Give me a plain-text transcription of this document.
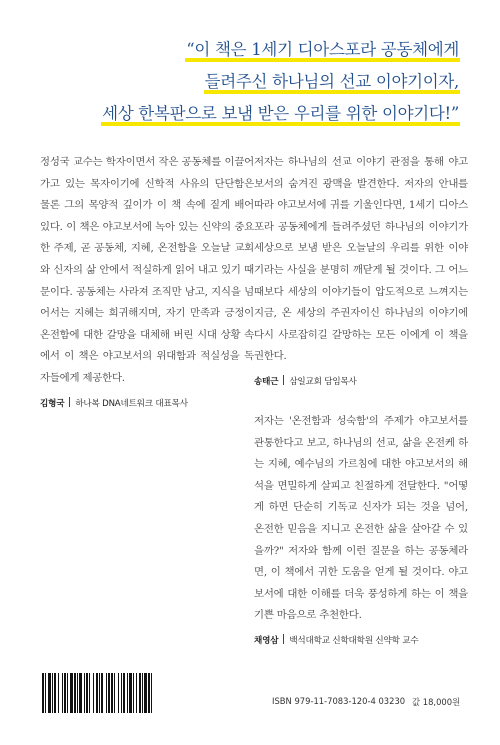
“이 책은 1세기 디아스포라 공동체에게
들려주신 하나님의 선교 이야기이자,
세상 한복판으로 보냄 받은 우리를 위한 이야기다!”

정성국 교수는 학자이면서 작은 공동체를 이끌어 가고 있는 목자이기에 신학적 사유의 단단함은 물론 그의 목양적 깊이가 이 책 속에 짙게 배어 있다. 이 책은 야고보서에 녹아 있는 신약의 중요한 주제, 곧 공동체, 지혜, 온전함을 오늘날 교회와 신자의 삶 안에서 적실하게 읽어 내고 있기 때문이다. 공동체는 사라져 조직만 남고, 지식을 넘어서는 지혜는 희귀해지며, 자기 만족과 긍정이 온전함에 대한 갈망을 대체해 버린 시대 상황 속에서 이 책은 야고보서의 위대함과 적실성을 독자들에게 제공한다.

김형국 하나복 DNA네트워크 대표목사

저자는 하나님의 선교 이야기 관점을 통해 야고보서의 숨겨진 광맥을 발견한다. 저자의 안내를 따라 야고보서에 귀를 기울인다면, 1세기 디아스포라 공동체에게 들려주셨던 하나님의 이야기가 세상으로 보냄 받은 오늘날의 우리를 위한 이야기라는 사실을 분명히 깨닫게 될 것이다. 그 어느 때보다 세상의 이야기들이 압도적으로 느껴지는 지금, 온 세상의 주권자이신 하나님의 이야기에 다시 사로잡히길 갈망하는 모든 이에게 이 책을 권한다.

송태근 삼일교회 담임목사

저자는 '온전함과 성숙함'의 주제가 야고보서를 관통한다고 보고, 하나님의 선교, 삶을 온전케 하는 지혜, 예수님의 가르침에 대한 야고보서의 해석을 면밀하게 살피고 친절하게 전달한다. "어떻게 하면 단순히 기독교 신자가 되는 것을 넘어, 온전한 믿음을 지니고 온전한 삶을 살아갈 수 있을까?" 저자와 함께 이런 질문을 하는 공동체라면, 이 책에서 귀한 도움을 얻게 될 것이다. 야고보서에 대한 이해를 더욱 풍성하게 하는 이 책을 기쁜 마음으로 추천한다.

채영삼 백석대학교 신학대학원 신약학 교수
ISBN 979-11-7083-120-4 03230 값 18,000원
